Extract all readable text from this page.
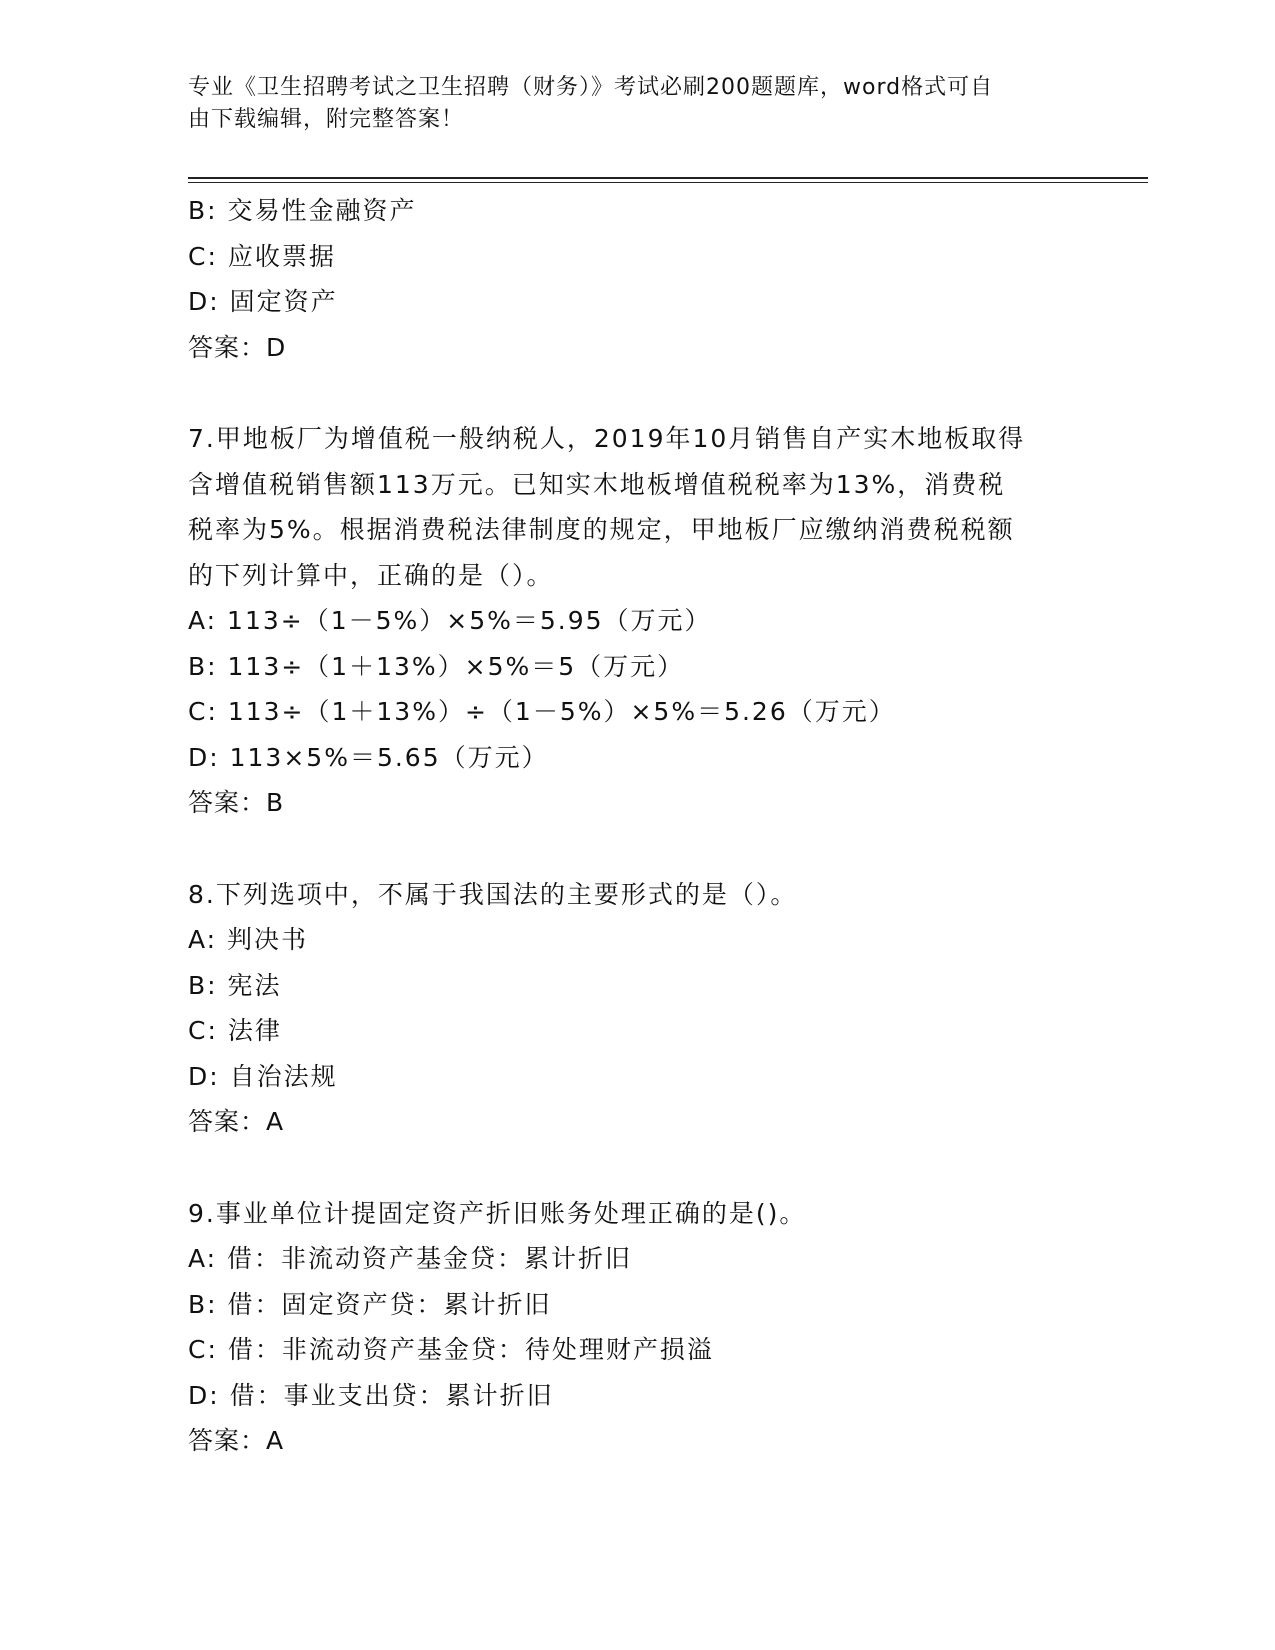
专业《卫生招聘考试之卫生招聘（财务）》考试必刷200题题库，word格式可自
由下载编辑，附完整答案！
B: 交易性金融资产
C: 应收票据
D: 固定资产
答案：D
7.甲地板厂为增值税一般纳税人，2019年10月销售自产实木地板取得
含增值税销售额113万元。已知实木地板增值税税率为13%，消费税
税率为5%。根据消费税法律制度的规定，甲地板厂应缴纳消费税税额
的下列计算中，正确的是（）。
A: 113÷（1－5%）×5%＝5.95（万元）
B: 113÷（1＋13%）×5%＝5（万元）
C: 113÷（1＋13%）÷（1－5%）×5%＝5.26（万元）
D: 113×5%＝5.65（万元）
答案：B
8.下列选项中，不属于我国法的主要形式的是（）。
A: 判决书
B: 宪法
C: 法律
D: 自治法规
答案：A
9.事业单位计提固定资产折旧账务处理正确的是()。
A: 借：非流动资产基金贷：累计折旧
B: 借：固定资产贷：累计折旧
C: 借：非流动资产基金贷：待处理财产损溢
D: 借：事业支出贷：累计折旧
答案：A
